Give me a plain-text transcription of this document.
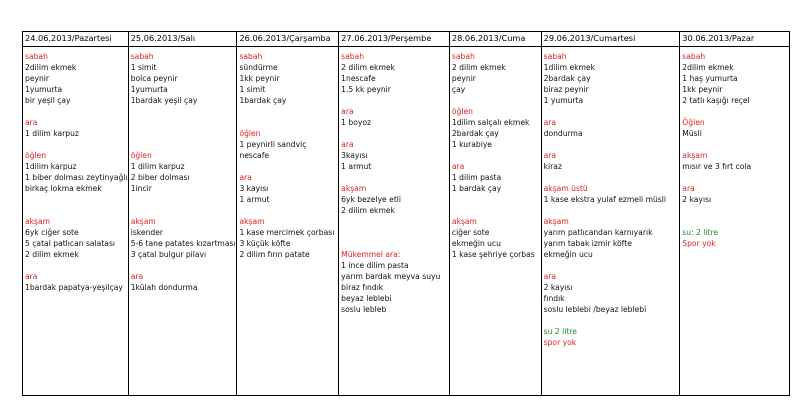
24.06.2013/Pazartesi
sabah
2dilim ekmek
peynir
1yumurta
bir yeşil çay
ara
1 dilim karpuz
öğlen
1dilim karpuz
1 biber dolması zeytinyağlı
birkaç lokma ekmek
akşam
6yk ciğer sote
5 çatal patlıcan salatası
2 dilim ekmek
ara
1bardak papatya-yeşilçay
25.06.2013/Salı
sabah
1 simit
bolca peynir
1yumurta
1bardak yeşil çay
öğlen
1 dilim karpuz
2 biber dolması
1incir
akşam
iskender
5-6 tane patates kızartması
3 çatal bulgur pilavı
ara
1külah dondurma
26.06.2013/Çarşamba
sabah
sündürme
1kk peynir
1 simit
1bardak çay
öğlen
1 peynirli sandviç
nescafe
ara
3 kayısı
1 armut
akşam
1 kase mercimek çorbası
3 küçük köfte
2 dilim fırın patate
27.06.2013/Perşembe
sabah
2 dilim ekmek
1nescafe
1.5 kk peynir
ara
1 boyoz
ara
3kayısı
1 armut
akşam
6yk bezelye etli
2 dilim ekmek
Mükemmel ara:
1 ince dilim pasta
yarım bardak meyva suyu
biraz fındık
beyaz leblebi
soslu lebleb
28.06.2013/Cuma
sabah
2 dilim ekmek
peynir
çay
öğlen
1dilim salçalı ekmek
2bardak çay
1 kurabiye
ara
1 dilim pasta
1 bardak çay
akşam
ciğer sote
ekmeğin ucu
1 kase şehriye çorbas
29.06.2013/Cumartesi
sabah
1dilim ekmek
2bardak çay
biraz peynir
1 yumurta
ara
dondurma
ara
kiraz
akşam üstü
1 kase ekstra yulaf ezmeli müsli
akşam
yarım patlıcandan karnıyarık
yarım tabak izmir köfte
ekmeğin ucu
ara
2 kayısı
fındık
soslu leblebi /beyaz leblebi
su 2 litre
spor yok
30.06.2013/Pazar
sabah
2dilim ekmek
1 haş yumurta
1kk peynir
2 tatlı kaşığı reçel
Öğlen
Müsli
akşam
mısır ve 3 fırt cola
ara
2 kayısı
su: 2 litre
Spor yok
